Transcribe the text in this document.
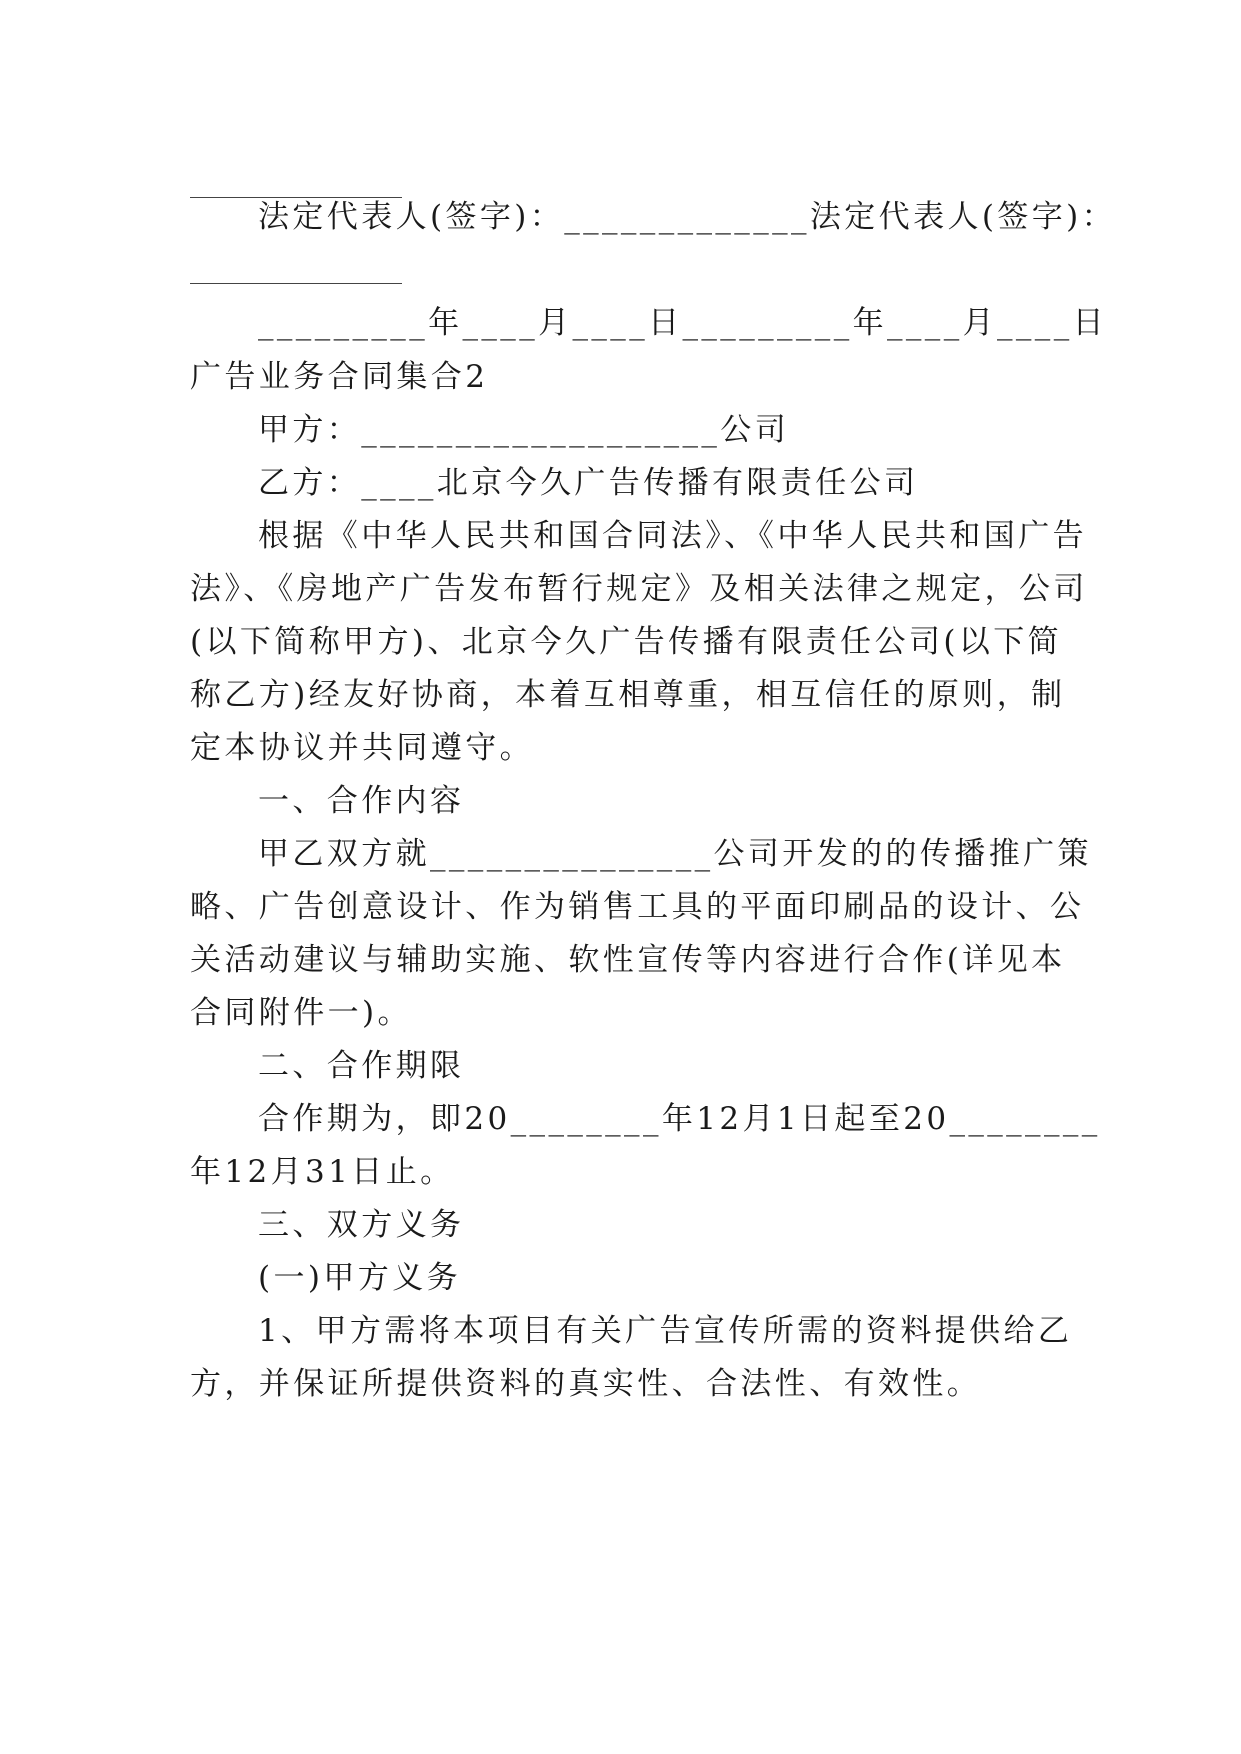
法定代表人(签字)：_____________法定代表人(签字)：
_________年____月____日_________年____月____日
广告业务合同集合2
甲方：___________________公司
乙方：____北京今久广告传播有限责任公司
根据《中华人民共和国合同法》、《中华人民共和国广告
法》、《房地产广告发布暂行规定》及相关法律之规定，公司
(以下简称甲方)、北京今久广告传播有限责任公司(以下简
称乙方)经友好协商，本着互相尊重，相互信任的原则，制
定本协议并共同遵守。
一、合作内容
甲乙双方就_______________公司开发的的传播推广策
略、广告创意设计、作为销售工具的平面印刷品的设计、公
关活动建议与辅助实施、软性宣传等内容进行合作(详见本
合同附件一)。
二、合作期限
合作期为，即20________年12月1日起至20________
年12月31日止。
三、双方义务
(一)甲方义务
1、甲方需将本项目有关广告宣传所需的资料提供给乙
方，并保证所提供资料的真实性、合法性、有效性。
